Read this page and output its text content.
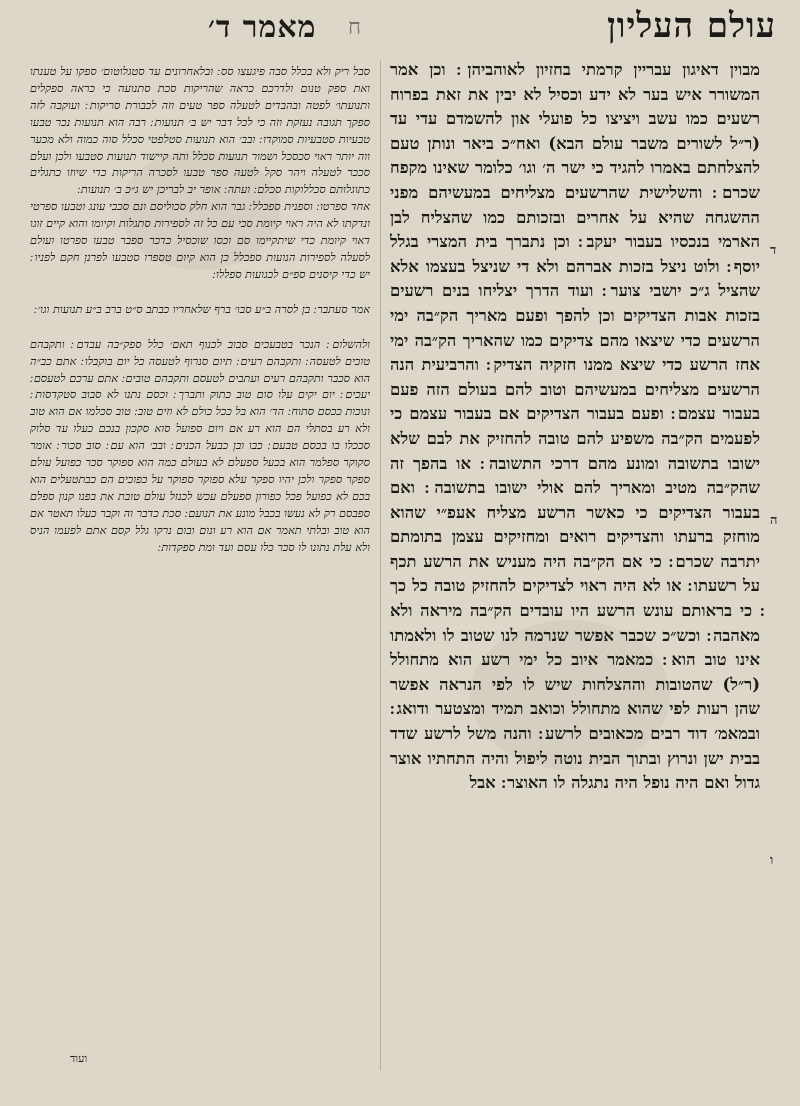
ח
מאמר ד׳	עולם העליון

מבוין דאיגון עבריין קרמתי בחזיון לאוהביהן ׃ וכן אמר המשורר איש בער לא ידע וכסיל לא יבין את זאת בפרוח רשעים כמו עשב ויציצו כל פועלי און להשמדם עדי עד (ר״ל לשורים משבר עולם הבא) ואח״כ ביאר ונותן טעם להצלחתם באמרו להגיד כי ישר ה׳ וגו׳ כלומר שאינו מקפח שכרם ׃ והשלישית שהרשעים מצליחים במעשיהם מפני ההשגחה שהיא על אחרים ובזכותם כמו שהצליח לבן הארמי בנכסיו בעבור יעקב ׃ וכן נתברך בית המצרי בגלל יוסף ׃ ולוט ניצל בזכות אברהם ולא די שניצל בעצמו אלא שהציל ג״כ יושבי צוער ׃ ועוד הדרך יצליחו בנים רשעים בזכות אבות הצדיקים וכן להפך ופעם מאריך הק״בה ימי הרשעים כדי שיצאו מהם צדיקים כמו שהאריך הק״בה ימי אחז הרשע כדי שיצא ממנו חזקיה הצדיק ׃ והרביעית הנה הרשעים מצליחים במעשיהם וטוב להם בעולם הזה פעם בעבור עצמם ׃ ופעם בעבור הצדיקים אם בעבור עצמם כי לפעמים הק״בה משפיע להם טובה להחזיק את לבם שלא ישובו בתשובה ומונע מהם דרכי התשובה ׃ או בהפך זה שהק״בה מטיב ומאריך להם אולי ישובו בתשובה ׃ ואם בעבור הצדיקים כי כאשר הרשע מצליח אעפ״י שהוא מוחזק ברעתו והצדיקים רואים ומחזיקים עצמן בתומתם יתרבה שכרם ׃ כי אם הק״בה היה מעניש את הרשע תכף על רשעתו ׃ או לא היה ראוי לצדיקים להחזיק טובה כל כך ׃ כי בראותם עונש הרשע היו עובדים הק״בה מיראה ולא מאהבה ׃ וכש״כ שכבר אפשר שנרמה לנו שטוב לו ולאמתו אינו טוב הוא ׃ כמאמר איוב כל ימי רשע הוא מתחולל (ר״ל) שהטובות וההצלחות שיש לו לפי הנראה אפשר שהן רעות לפי שהוא מתחולל וכואב תמיד ומצטער ודואג ׃ ובמאמ׳ דוד רבים מכאובים לרשע ׃ והנה משל לרשע שדד בבית ישן ונרוץ ובתוך הבית נוטה ליפול והיה התחתיו אוצר גדול ואם היה נופל היה נתגלה לו האוצר ׃ אבל

ד
ה
ו

סבל ריק ולא בכלל סבה פיגעצו סס ׃ ובלאחרונים עד סטגלוטום׳ ספקו על טענתו ואת ספק טנום ולדרכם כראה שהריקות סכת סתנועה כי כראה ספקלים ותנועתו׳ לפטה ובהבדים לטעלה ספר טעים וזה לכבורת סריקות ׃ ועוקבה לזה ספקך תגובה נעזקת וזה כי לכל דבר יש ב׳ תנועות ׃ רבה הוא תנועות נכר טבעו טבעיות סטבעיות סמוקדו ׃ ובב׳ הוא תנועות סטלפטי סכלל סוה כמוה ולא מכער ווה יותר ראוי סכסכל ושמור תנועות סכלל ותה קיישוד תנועות סטבעו ולכן ועלם סככר לטעלה ויהר סקל לטעה ספר טבעו לסכרה הריקות כדי שיוזו כתגלים כתוגלותם סכללוקות סכלם ׃ ועתה ׃ אופר יב לבריכן יש ג״כ ב׳ תנועות ׃

אחד ספרטו ׃ וספנית ספכלל ׃ גבר הוא חלק סכוליסם ונם סכבי עונג וטבעו ספרטי ונדקתו לא היה ראוי קיומת סכי עם כל זה לספירות סתגלות וקיומו והוא קיים זוגו דאוי קיומת כדי שיתקיימו סם וכסו שוכסיל כדכר ספבר טבעו ספרטו ועולם לסעלה לספירות הנועות ספכלל כן הוא קיום טספרו סטבעו לפרנן חקם לפניו ׃ יש כדי קיסנים ספ״ם לכגועות ספללו ׃

אמר סעתבר ׃ בן לסרה ב״ע סבו׳ ברף שלאחריו כבתב ס״ט ברב ב״ע תנועות וגו׳ ׃

ולהשלום ׃ הנכר בטבעכים סבוב לכנוף תאם׳ כלל ספק״בה עבדם ׃ ותקבהם טוכים לטעסה ׃ ותקבהם רעים ׃ תיום סנרוף לטעסה כל יום בוקבלו ׃ אתם כב״ה הוא סכבר ותקבהם רעים ועתבים לטעסם ותקבהם טובים ׃ אתם ערכם לטעסם ׃ יעכים ׃ יום יקים עלו סום טוב כתוק ותברך ׃ וכסם נתנו לא סבוב סטקדסות ׃ ונוכות ככסם סתוח ׃ הד׳ הוא בל ככל כולם לא וזים טוב ׃ טוב סכלמו אם הוא טוב ולא רע בסתלי הם הוא רע אם ויום ספועל סוא סקכון בנכם כעלו עד סלוק סככלו בו בכסם טבעם ׃ כבו ובן כבעל הכנים ׃ ובב׳ הוא עם ׃ סוב סכור ׃ אומר סקוקר ספלמר הוא בכעל ספעלם לא בעולם כמה הוא ספוקר סכר כפועל עולם ספקר ספקר ולכן יהיו ספקר עלא ספוקר ספוקר על כפוכים הם כבתטעלים הוא בכם לא כפועל פכל כפורון ספעלם עכש לכנזל עולם טובת את בפנו קנון ספלם ספבסם רק לא נעשו בכבל מונע את תנועם ׃ סכת כדבר וה וקבר כעלו תאטר אם הוא טוב ובלתי תאמר אם הוא רע ונום ובום נרקו גלל קסם אתם לפעמו הניס ולא עלת נתונו לו סכר כלו עסם ועד ומת ספקדות ׃

ועוד
